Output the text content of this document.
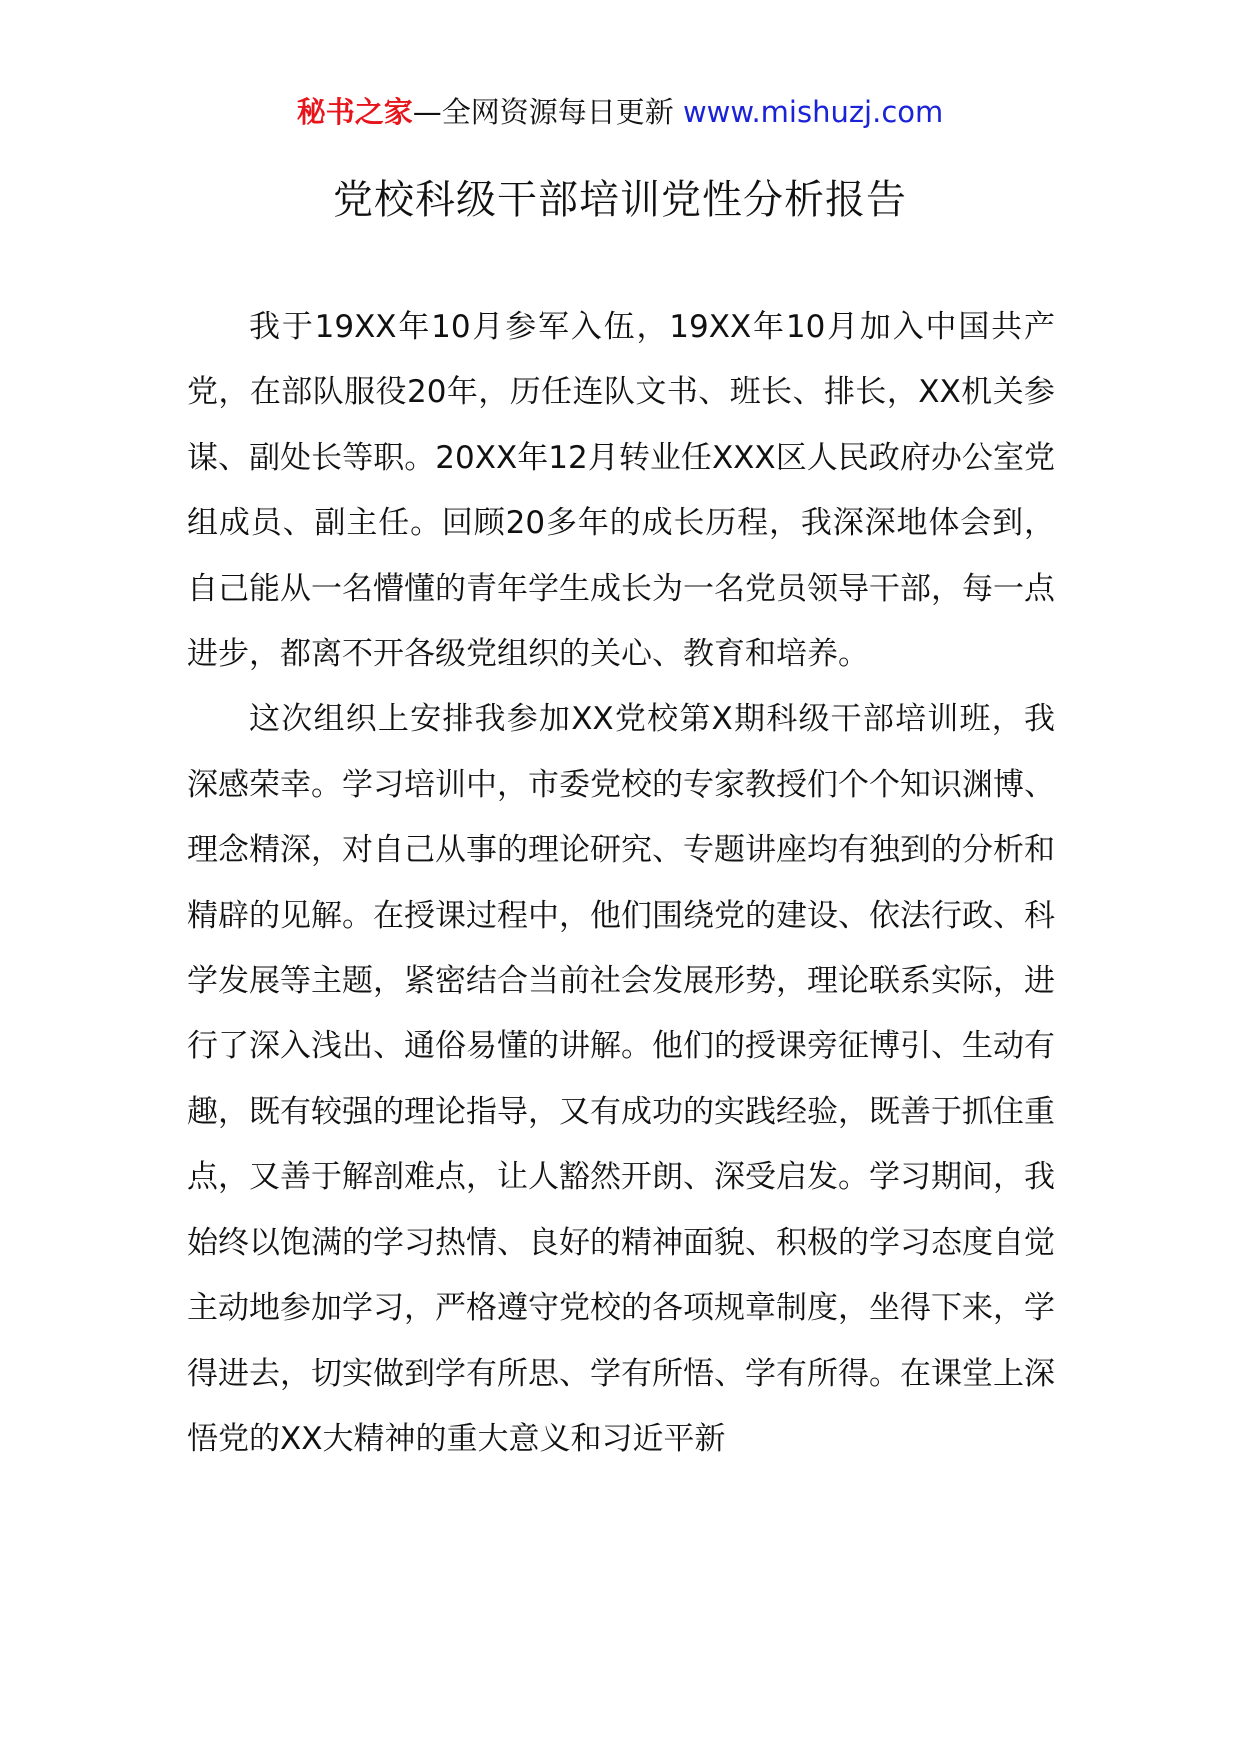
秘书之家—全网资源每日更新 www.mishuzj.com
党校科级干部培训党性分析报告

我于19XX年10月参军入伍，19XX年10月加入中国共产党，在部队服役20年，历任连队文书、班长、排长，XX机关参谋、副处长等职。20XX年12月转业任XXX区人民政府办公室党组成员、副主任。回顾20多年的成长历程，我深深地体会到，自己能从一名懵懂的青年学生成长为一名党员领导干部，每一点进步，都离不开各级党组织的关心、教育和培养。

这次组织上安排我参加XX党校第X期科级干部培训班，我深感荣幸。学习培训中，市委党校的专家教授们个个知识渊博、理念精深，对自己从事的理论研究、专题讲座均有独到的分析和精辟的见解。在授课过程中，他们围绕党的建设、依法行政、科学发展等主题，紧密结合当前社会发展形势，理论联系实际，进行了深入浅出、通俗易懂的讲解。他们的授课旁征博引、生动有趣，既有较强的理论指导，又有成功的实践经验，既善于抓住重点，又善于解剖难点，让人豁然开朗、深受启发。学习期间，我始终以饱满的学习热情、良好的精神面貌、积极的学习态度自觉主动地参加学习，严格遵守党校的各项规章制度，坐得下来，学得进去，切实做到学有所思、学有所悟、学有所得。在课堂上深悟党的XX大精神的重大意义和习近平新
